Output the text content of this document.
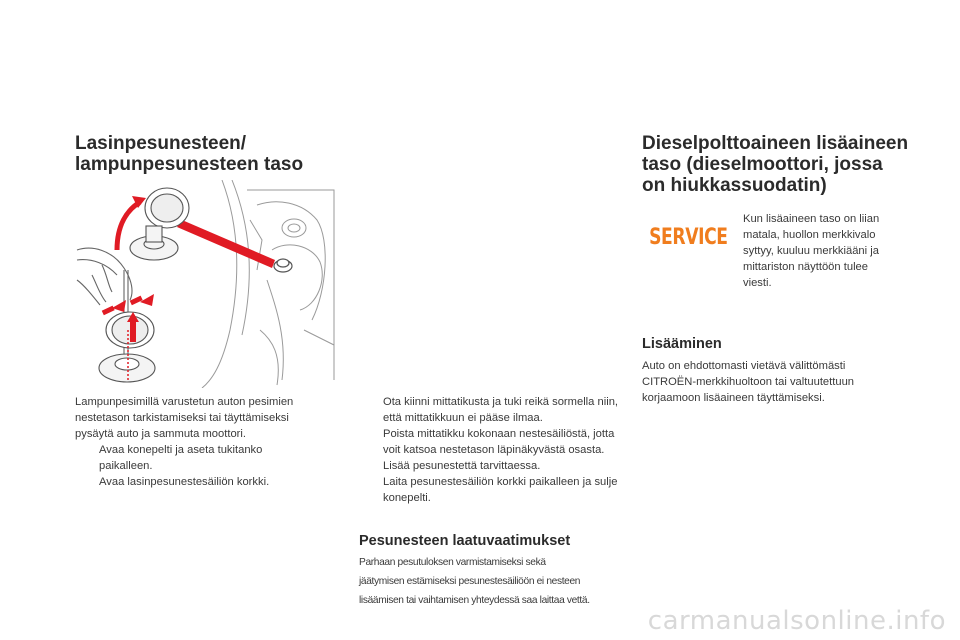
Lasinpesunesteen/
lampunpesunesteen taso
Lampunpesimillä varustetun auton pesimien nestetason tarkistamiseksi tai täyttämiseksi pysäytä auto ja sammuta moottori.
Avaa konepelti ja aseta tukitanko paikalleen.
Avaa lasinpesunestesäiliön korkki.
Ota kiinni mittatikusta ja tuki reikä sormella niin, että mittatikkuun ei pääse ilmaa.
Poista mittatikku kokonaan nestesäiliöstä, jotta voit katsoa nestetason läpinäkyvästä osasta.
Lisää pesunestettä tarvittaessa.
Laita pesunestesäiliön korkki paikalleen ja sulje konepelti.
Pesunesteen laatuvaatimukset
Parhaan pesutuloksen varmistamiseksi sekä
jäätymisen estämiseksi pesunestesäiliöön ei nesteen
lisäämisen tai vaihtamisen yhteydessä saa laittaa vettä.
Dieselpolttoaineen lisäaineen
taso (dieselmoottori, jossa
on hiukkassuodatin)
SERVICE
Kun lisäaineen taso on liian
matala, huollon merkkivalo
syttyy, kuuluu merkkiääni ja
mittariston näyttöön tulee
viesti.
Lisääminen
Auto on ehdottomasti vietävä välittömästi
CITROËN-merkkihuoltoon tai valtuutettuun
korjaamoon lisäaineen täyttämiseksi.
carmanualsonline.info
